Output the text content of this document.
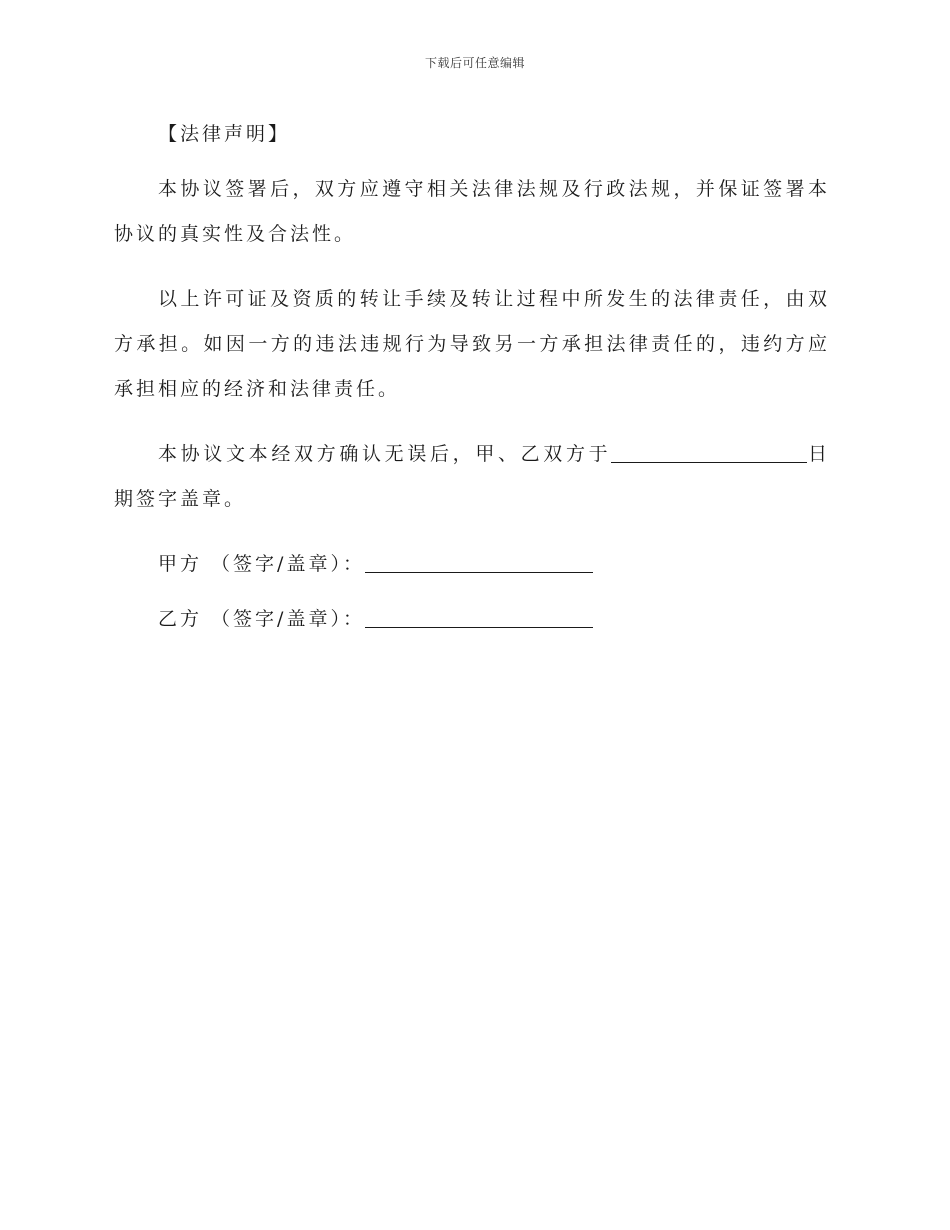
下载后可任意编辑

【法律声明】

本协议签署后，双方应遵守相关法律法规及行政法规，并保证签署本协议的真实性及合法性。

以上许可证及资质的转让手续及转让过程中所发生的法律责任，由双方承担。如因一方的违法违规行为导致另一方承担法律责任的，违约方应承担相应的经济和法律责任。

本协议文本经双方确认无误后，甲、乙双方于	日期签字盖章。

甲方 （签字/盖章）：
乙方 （签字/盖章）：
